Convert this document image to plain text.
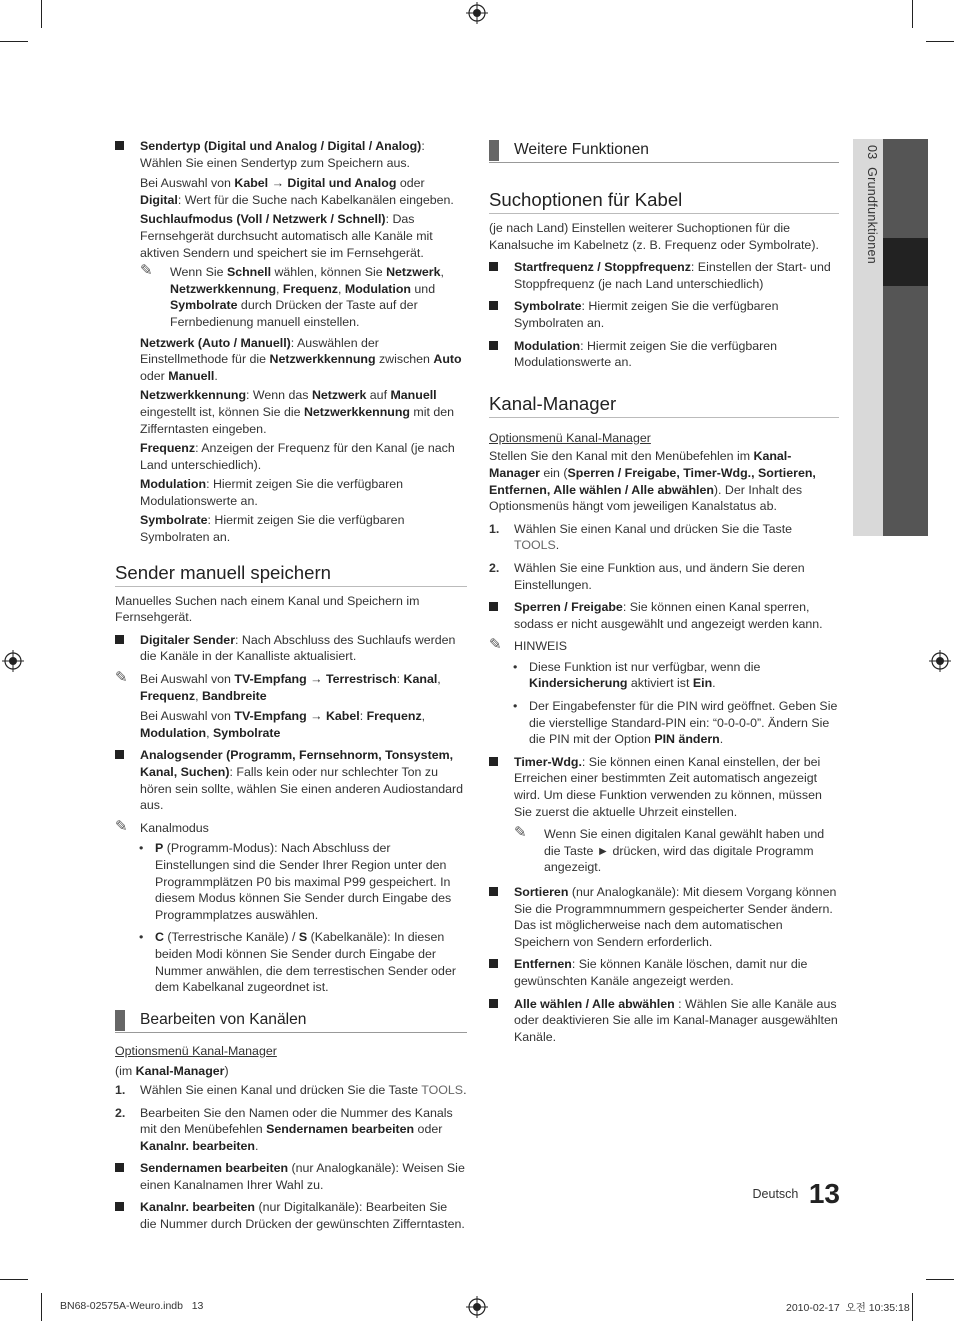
03  Grundfunktionen
Sendertyp (Digital und Analog / Digital / Analog): Wählen Sie einen Sendertyp zum Speichern aus.

Bei Auswahl von Kabel → Digital und Analog oder Digital: Wert für die Suche nach Kabelkanälen eingeben.

Suchlaufmodus (Voll / Netzwerk / Schnell): Das Fernsehgerät durchsucht automatisch alle Kanäle mit aktiven Sendern und speichert sie im Fernsehgerät.

✎ Wenn Sie Schnell wählen, können Sie Netzwerk, Netzwerkkennung, Frequenz, Modulation und Symbolrate durch Drücken der Taste auf der Fernbedienung manuell einstellen.

Netzwerk (Auto / Manuell): Auswählen der Einstellmethode für die Netzwerkkennung zwischen Auto oder Manuell.

Netzwerkkennung: Wenn das Netzwerk auf Manuell eingestellt ist, können Sie die Netzwerkkennung mit den Zifferntasten eingeben.

Frequenz: Anzeigen der Frequenz für den Kanal (je nach Land unterschiedlich).

Modulation: Hiermit zeigen Sie die verfügbaren Modulationswerte an.

Symbolrate: Hiermit zeigen Sie die verfügbaren Symbolraten an.

Sender manuell speichern

Manuelles Suchen nach einem Kanal und Speichern im Fernsehgerät.

Digitaler Sender: Nach Abschluss des Suchlaufs werden die Kanäle in der Kanalliste aktualisiert.
✎ Bei Auswahl von TV-Empfang → Terrestrisch: Kanal, Frequenz, Bandbreite

Bei Auswahl von TV-Empfang → Kabel: Frequenz, Modulation, Symbolrate

Analogsender (Programm, Fernsehnorm, Tonsystem, Kanal, Suchen): Falls kein oder nur schlechter Ton zu hören sein sollte, wählen Sie einen anderen Audiostandard aus.
✎ Kanalmodus
• P (Programm-Modus): Nach Abschluss der Einstellungen sind die Sender Ihrer Region unter den Programmplätzen P0 bis maximal P99 gespeichert. In diesem Modus können Sie Sender durch Eingabe des Programmplatzes auswählen.
• C (Terrestrische Kanäle) / S (Kabelkanäle): In diesen beiden Modi können Sie Sender durch Eingabe der Nummer anwählen, die dem terrestischen Sender oder dem Kabelkanal zugeordnet ist.
Bearbeiten von Kanälen

Optionsmenü Kanal-Manager

(im Kanal-Manager)

1. Wählen Sie einen Kanal und drücken Sie die Taste TOOLS.
2. Bearbeiten Sie den Namen oder die Nummer des Kanals mit den Menübefehlen Sendernamen bearbeiten oder Kanalnr. bearbeiten.
Sendernamen bearbeiten (nur Analogkanäle): Weisen Sie einen Kanalnamen Ihrer Wahl zu.
Kanalnr. bearbeiten (nur Digitalkanäle): Bearbeiten Sie die Nummer durch Drücken der gewünschten Zifferntasten.
Weitere Funktionen
Suchoptionen für Kabel

(je nach Land) Einstellen weiterer Suchoptionen für die Kanalsuche im Kabelnetz (z. B. Frequenz oder Symbolrate).

Startfrequenz / Stoppfrequenz: Einstellen der Start- und Stoppfrequenz (je nach Land unterschiedlich)
Symbolrate: Hiermit zeigen Sie die verfügbaren Symbolraten an.
Modulation: Hiermit zeigen Sie die verfügbaren Modulationswerte an.
Kanal-Manager

Optionsmenü Kanal-Manager

Stellen Sie den Kanal mit den Menübefehlen im Kanal-Manager ein (Sperren / Freigabe, Timer-Wdg., Sortieren, Entfernen, Alle wählen / Alle abwählen). Der Inhalt des Optionsmenüs hängt vom jeweiligen Kanalstatus ab.

1. Wählen Sie einen Kanal und drücken Sie die Taste TOOLS.
2. Wählen Sie eine Funktion aus, und ändern Sie deren Einstellungen.
Sperren / Freigabe: Sie können einen Kanal sperren, sodass er nicht ausgewählt und angezeigt werden kann.
✎ HINWEIS
• Diese Funktion ist nur verfügbar, wenn die Kindersicherung aktiviert ist Ein.
• Der Eingabefenster für die PIN wird geöffnet. Geben Sie die vierstellige Standard-PIN ein: “0-0-0-0”. Ändern Sie die PIN mit der Option PIN ändern.
Timer-Wdg.: Sie können einen Kanal einstellen, der bei Erreichen einer bestimmten Zeit automatisch angezeigt wird. Um diese Funktion verwenden zu können, müssen Sie zuerst die aktuelle Uhrzeit einstellen.
✎ Wenn Sie einen digitalen Kanal gewählt haben und die Taste ► drücken, wird das digitale Programm angezeigt.
Sortieren (nur Analogkanäle): Mit diesem Vorgang können Sie die Programmnummern gespeicherter Sender ändern. Das ist möglicherweise nach dem automatischen Speichern von Sendern erforderlich.
Entfernen: Sie können Kanäle löschen, damit nur die gewünschten Kanäle angezeigt werden.
Alle wählen / Alle abwählen : Wählen Sie alle Kanäle aus oder deaktivieren Sie alle im Kanal-Manager ausgewählten Kanäle.
Deutsch 13
BN68-02575A-Weuro.indb   13	2010-02-17 오전 10:35:18
